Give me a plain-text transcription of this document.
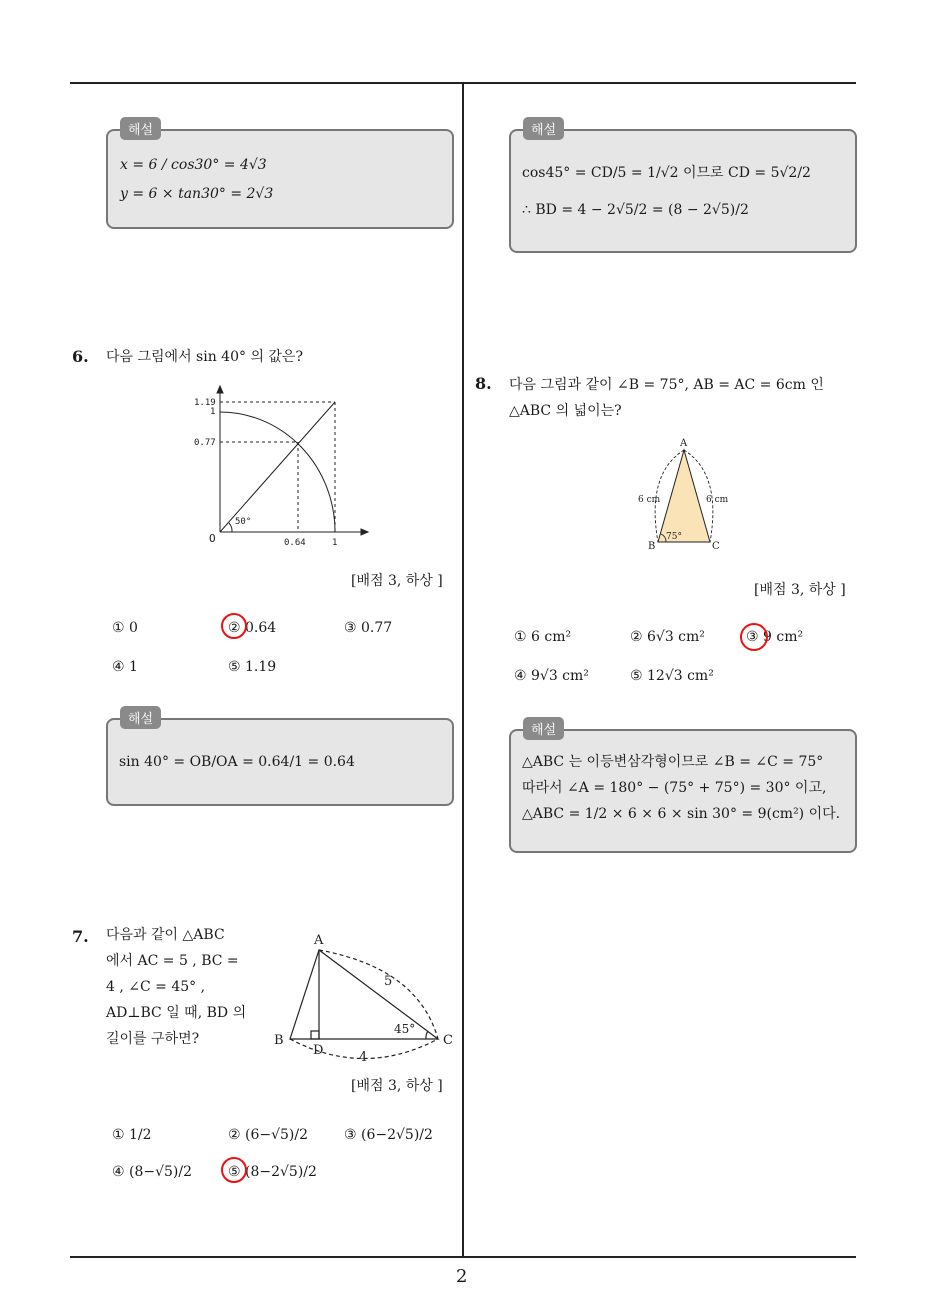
2
해설
x = 6 / cos30° = 4√3
y = 6 × tan30° = 2√3
해설
cos45° = CD/5 = 1/√2 이므로 CD = 5√2/2
∴ BD = 4 − 2√5/2 = (8 − 2√5)/2
6. 다음 그림에서 sin 40° 의 값은?
1.19
1
0.77
0.64	1
O
50°
[배점 3, 하상 ]
① 0	② 0.64	③ 0.77
④ 1	⑤ 1.19
해설
sin 40° = OB/OA = 0.64/1 = 0.64
7. 다음과 같이 △ABC
에서 AC = 5 , BC =
4 , ∠C = 45° ,
AD⊥BC 일 때, BD 의
길이를 구하면?
A
B	C
D
5
4
45°
[배점 3, 하상 ]
① 1/2	② (6−√5)/2	③ (6−2√5)/2
④ (8−√5)/2	⑤ (8−2√5)/2
8. 다음 그림과 같이 ∠B = 75°, AB = AC = 6cm 인
△ABC 의 넓이는?
A
B	C
6 cm	6 cm
75°
[배점 3, 하상 ]
① 6 cm²	② 6√3 cm²	③ 9 cm²
④ 9√3 cm²	⑤ 12√3 cm²
해설
△ABC 는 이등변삼각형이므로 ∠B = ∠C = 75°
따라서 ∠A = 180° − (75° + 75°) = 30° 이고,
△ABC = 1/2 × 6 × 6 × sin 30° = 9(cm²) 이다.
